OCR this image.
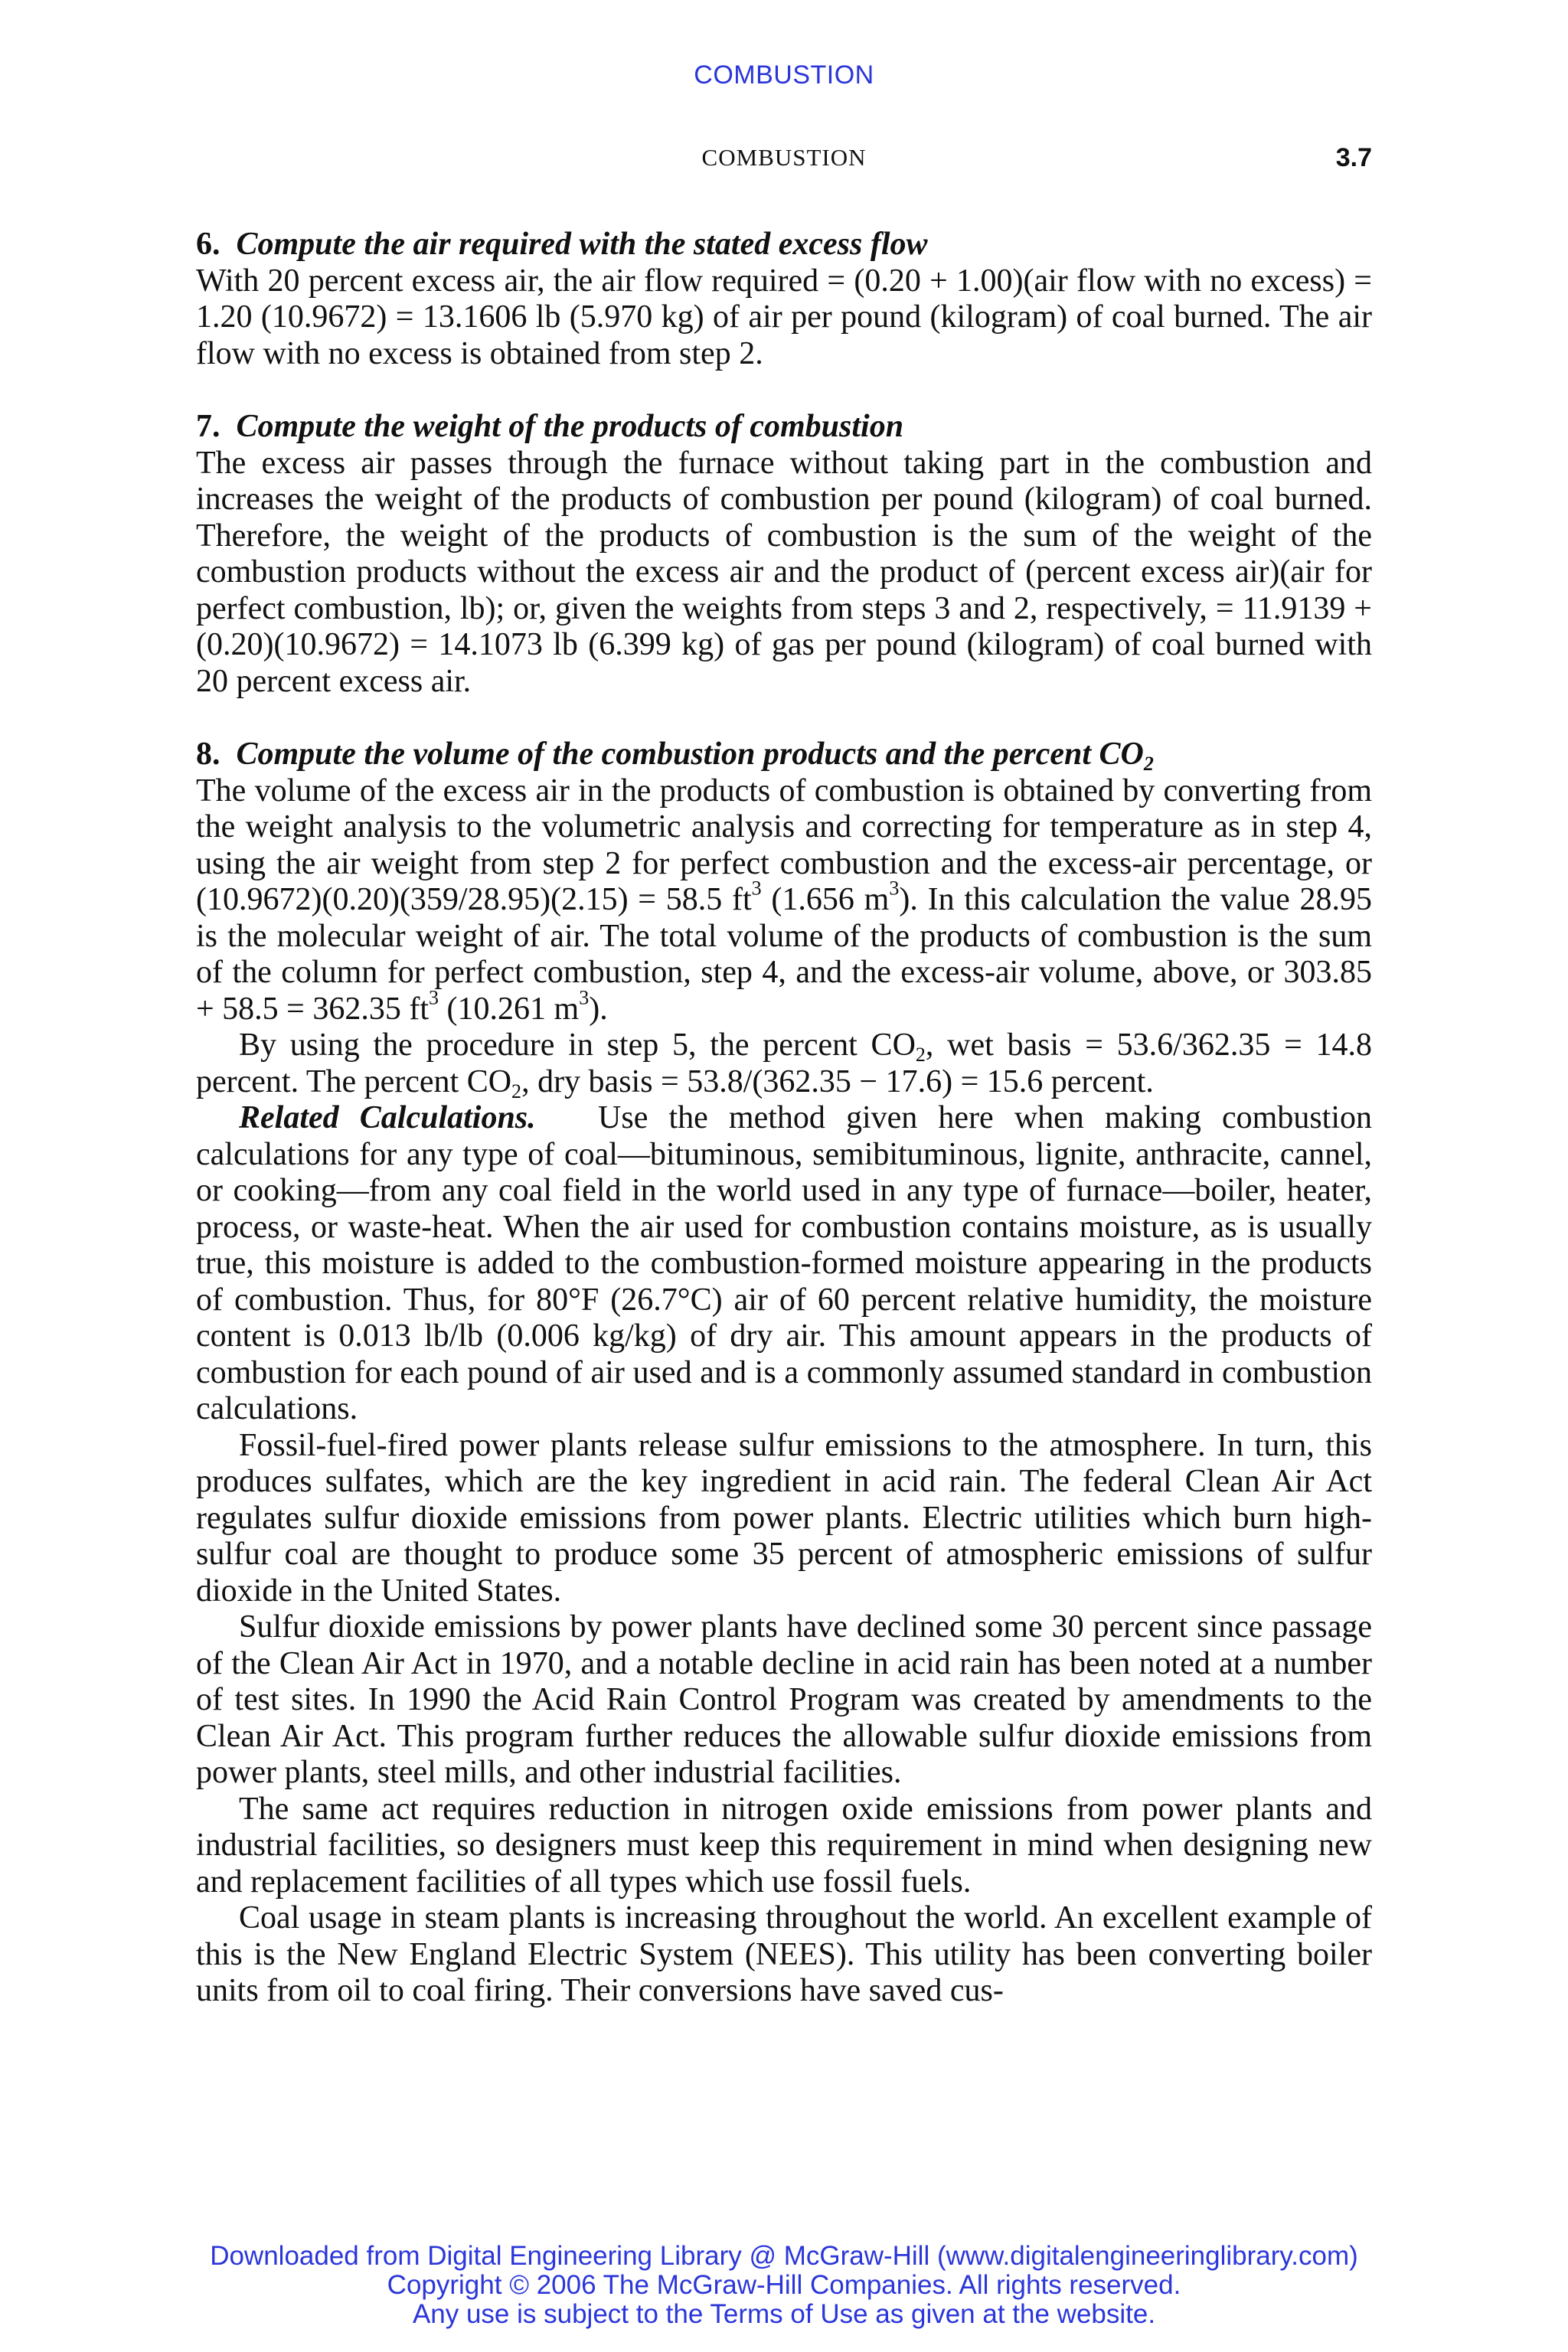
COMBUSTION
COMBUSTION	3.7

6. Compute the air required with the stated excess flow

With 20 percent excess air, the air flow required = (0.20 + 1.00)(air flow with no excess) = 1.20 (10.9672) = 13.1606 lb (5.970 kg) of air per pound (kilogram) of coal burned. The air flow with no excess is obtained from step 2.

7. Compute the weight of the products of combustion

The excess air passes through the furnace without taking part in the combustion and increases the weight of the products of combustion per pound (kilogram) of coal burned. Therefore, the weight of the products of combustion is the sum of the weight of the combustion products without the excess air and the product of (percent excess air)(air for perfect combustion, lb); or, given the weights from steps 3 and 2, respectively, = 11.9139 + (0.20)(10.9672) = 14.1073 lb (6.399 kg) of gas per pound (kilogram) of coal burned with 20 percent excess air.

8. Compute the volume of the combustion products and the percent $CO_2$

The volume of the excess air in the products of combustion is obtained by converting from the weight analysis to the volumetric analysis and correcting for temperature as in step 4, using the air weight from step 2 for perfect combustion and the excess-air percentage, or (10.9672)(0.20)(359/28.95)(2.15) = 58.5 $ft^3$ (1.656 $m^3$). In this calculation the value 28.95 is the molecular weight of air. The total volume of the products of combustion is the sum of the column for perfect combustion, step 4, and the excess-air volume, above, or 303.85 + 58.5 = 362.35 $ft^3$ (10.261 $m^3$).

By using the procedure in step 5, the percent $CO_2$, wet basis = 53.6/362.35 = 14.8 percent. The percent $CO_2$, dry basis = 53.8/(362.35 − 17.6) = 15.6 percent.

Related Calculations. Use the method given here when making combustion calculations for any type of coal—bituminous, semibituminous, lignite, anthracite, cannel, or cooking—from any coal field in the world used in any type of furnace—boiler, heater, process, or waste-heat. When the air used for combustion contains moisture, as is usually true, this moisture is added to the combustion-formed moisture appearing in the products of combustion. Thus, for 80°F (26.7°C) air of 60 percent relative humidity, the moisture content is 0.013 lb/lb (0.006 kg/kg) of dry air. This amount appears in the products of combustion for each pound of air used and is a commonly assumed standard in combustion calculations.

Fossil-fuel-fired power plants release sulfur emissions to the atmosphere. In turn, this produces sulfates, which are the key ingredient in acid rain. The federal Clean Air Act regulates sulfur dioxide emissions from power plants. Electric utilities which burn high-sulfur coal are thought to produce some 35 percent of atmospheric emissions of sulfur dioxide in the United States.

Sulfur dioxide emissions by power plants have declined some 30 percent since passage of the Clean Air Act in 1970, and a notable decline in acid rain has been noted at a number of test sites. In 1990 the Acid Rain Control Program was created by amendments to the Clean Air Act. This program further reduces the allowable sulfur dioxide emissions from power plants, steel mills, and other industrial facilities.

The same act requires reduction in nitrogen oxide emissions from power plants and industrial facilities, so designers must keep this requirement in mind when designing new and replacement facilities of all types which use fossil fuels.

Coal usage in steam plants is increasing throughout the world. An excellent example of this is the New England Electric System (NEES). This utility has been converting boiler units from oil to coal firing. Their conversions have saved cus-

Downloaded from Digital Engineering Library @ McGraw-Hill (www.digitalengineeringlibrary.com)
Copyright © 2006 The McGraw-Hill Companies. All rights reserved.
Any use is subject to the Terms of Use as given at the website.
